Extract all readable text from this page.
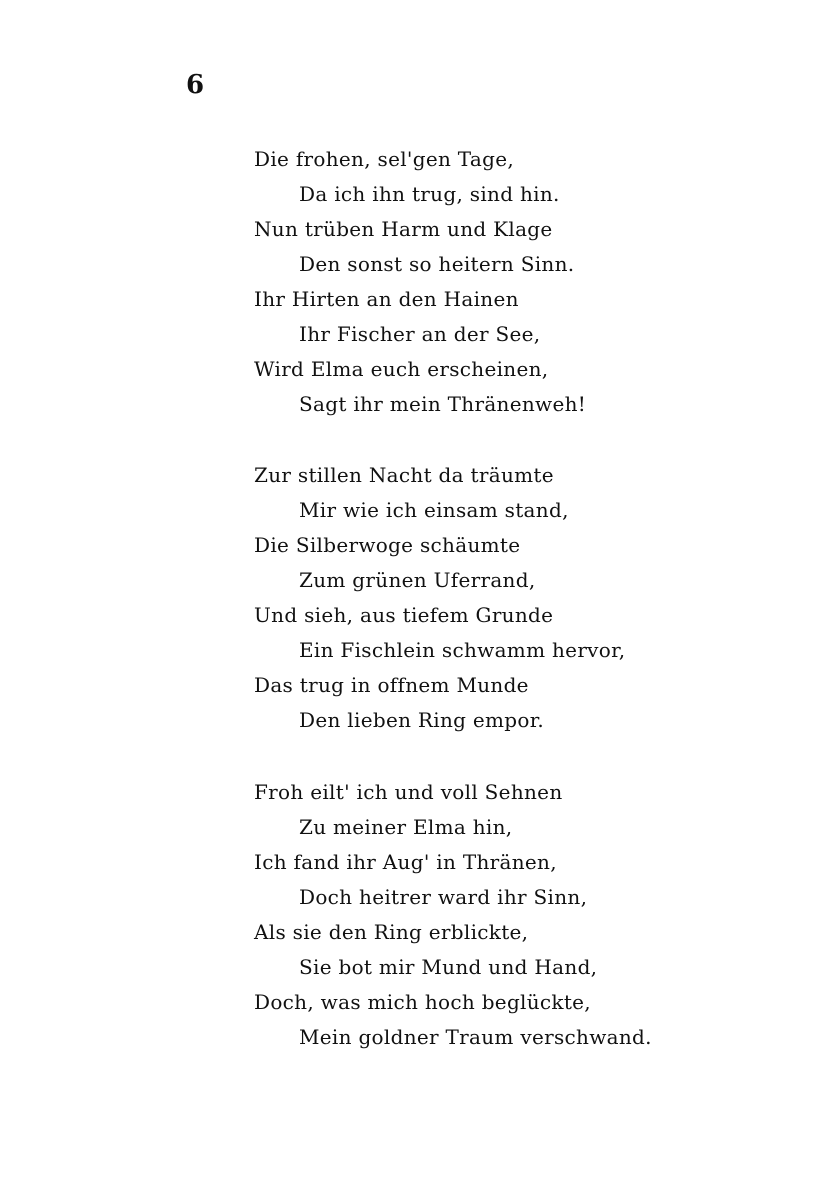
6
Die frohen, sel'gen Tage,
Da ich ihn trug, sind hin.
Nun trüben Harm und Klage
Den sonst so heitern Sinn.
Ihr Hirten an den Hainen
Ihr Fischer an der See,
Wird Elma euch erscheinen,
Sagt ihr mein Thränenweh!
Zur stillen Nacht da träumte
Mir wie ich einsam stand,
Die Silberwoge schäumte
Zum grünen Uferrand,
Und sieh, aus tiefem Grunde
Ein Fischlein schwamm hervor,
Das trug in offnem Munde
Den lieben Ring empor.
Froh eilt' ich und voll Sehnen
Zu meiner Elma hin,
Ich fand ihr Aug' in Thränen,
Doch heitrer ward ihr Sinn,
Als sie den Ring erblickte,
Sie bot mir Mund und Hand,
Doch, was mich hoch beglückte,
Mein goldner Traum verschwand.
